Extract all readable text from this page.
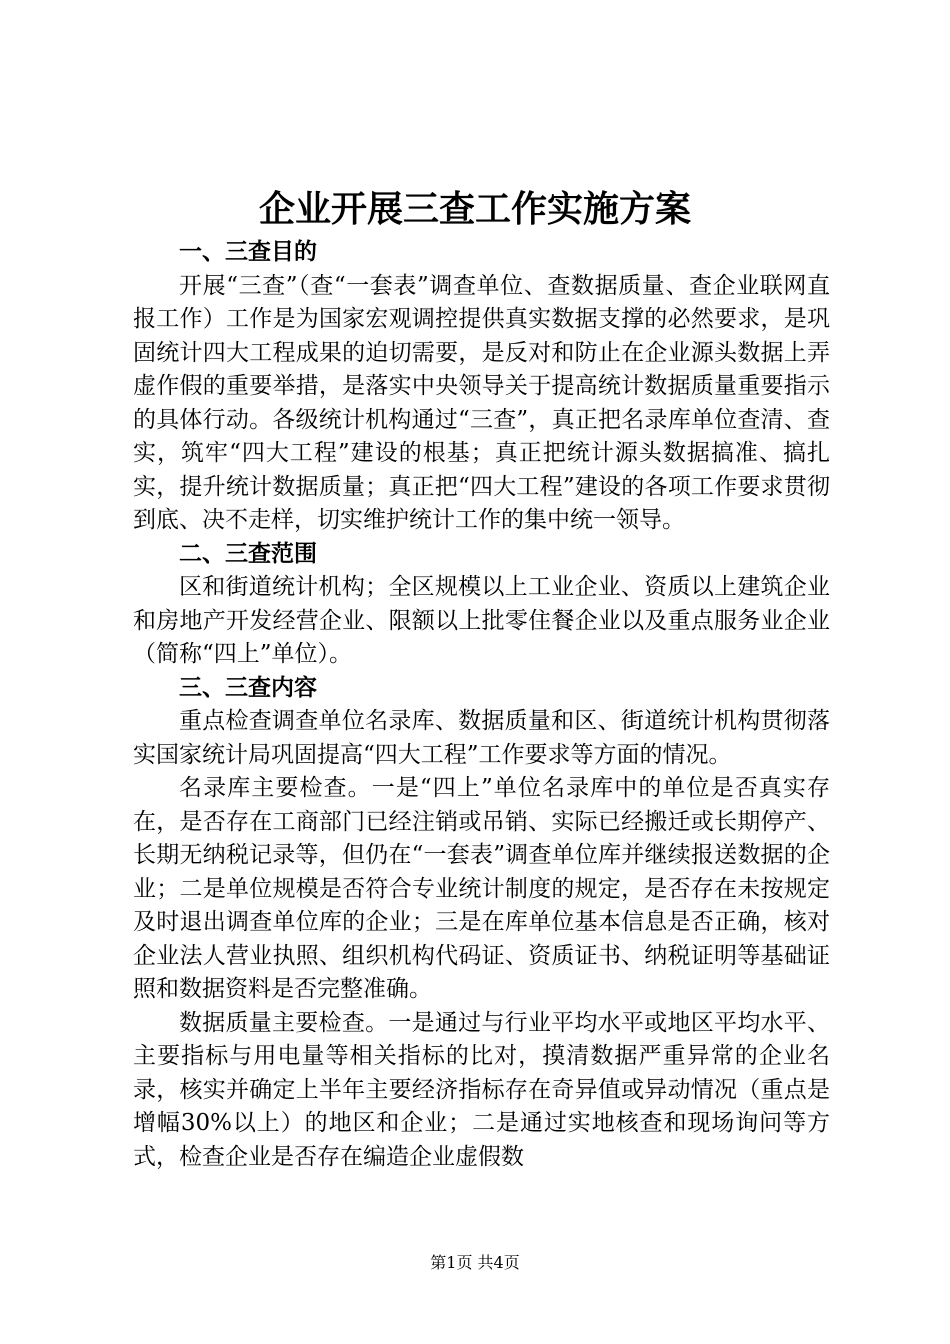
企业开展三查工作实施方案

一、三查目的

开展“三查”（查“一套表”调查单位、查数据质量、查企业联网直报工作）工作是为国家宏观调控提供真实数据支撑的必然要求，是巩固统计四大工程成果的迫切需要，是反对和防止在企业源头数据上弄虚作假的重要举措，是落实中央领导关于提高统计数据质量重要指示的具体行动。各级统计机构通过“三查”，真正把名录库单位查清、查实，筑牢“四大工程”建设的根基；真正把统计源头数据搞准、搞扎实，提升统计数据质量；真正把“四大工程”建设的各项工作要求贯彻到底、决不走样，切实维护统计工作的集中统一领导。

二、三查范围

区和街道统计机构；全区规模以上工业企业、资质以上建筑企业和房地产开发经营企业、限额以上批零住餐企业以及重点服务业企业（简称“四上”单位）。

三、三查内容

重点检查调查单位名录库、数据质量和区、街道统计机构贯彻落实国家统计局巩固提高“四大工程”工作要求等方面的情况。

名录库主要检查。一是“四上”单位名录库中的单位是否真实存在，是否存在工商部门已经注销或吊销、实际已经搬迁或长期停产、长期无纳税记录等，但仍在“一套表”调查单位库并继续报送数据的企业；二是单位规模是否符合专业统计制度的规定，是否存在未按规定及时退出调查单位库的企业；三是在库单位基本信息是否正确，核对企业法人营业执照、组织机构代码证、资质证书、纳税证明等基础证照和数据资料是否完整准确。

数据质量主要检查。一是通过与行业平均水平或地区平均水平、主要指标与用电量等相关指标的比对，摸清数据严重异常的企业名录，核实并确定上半年主要经济指标存在奇异值或异动情况（重点是增幅30%以上）的地区和企业；二是通过实地核查和现场询问等方式，检查企业是否存在编造企业虚假数

第1页 共4页
